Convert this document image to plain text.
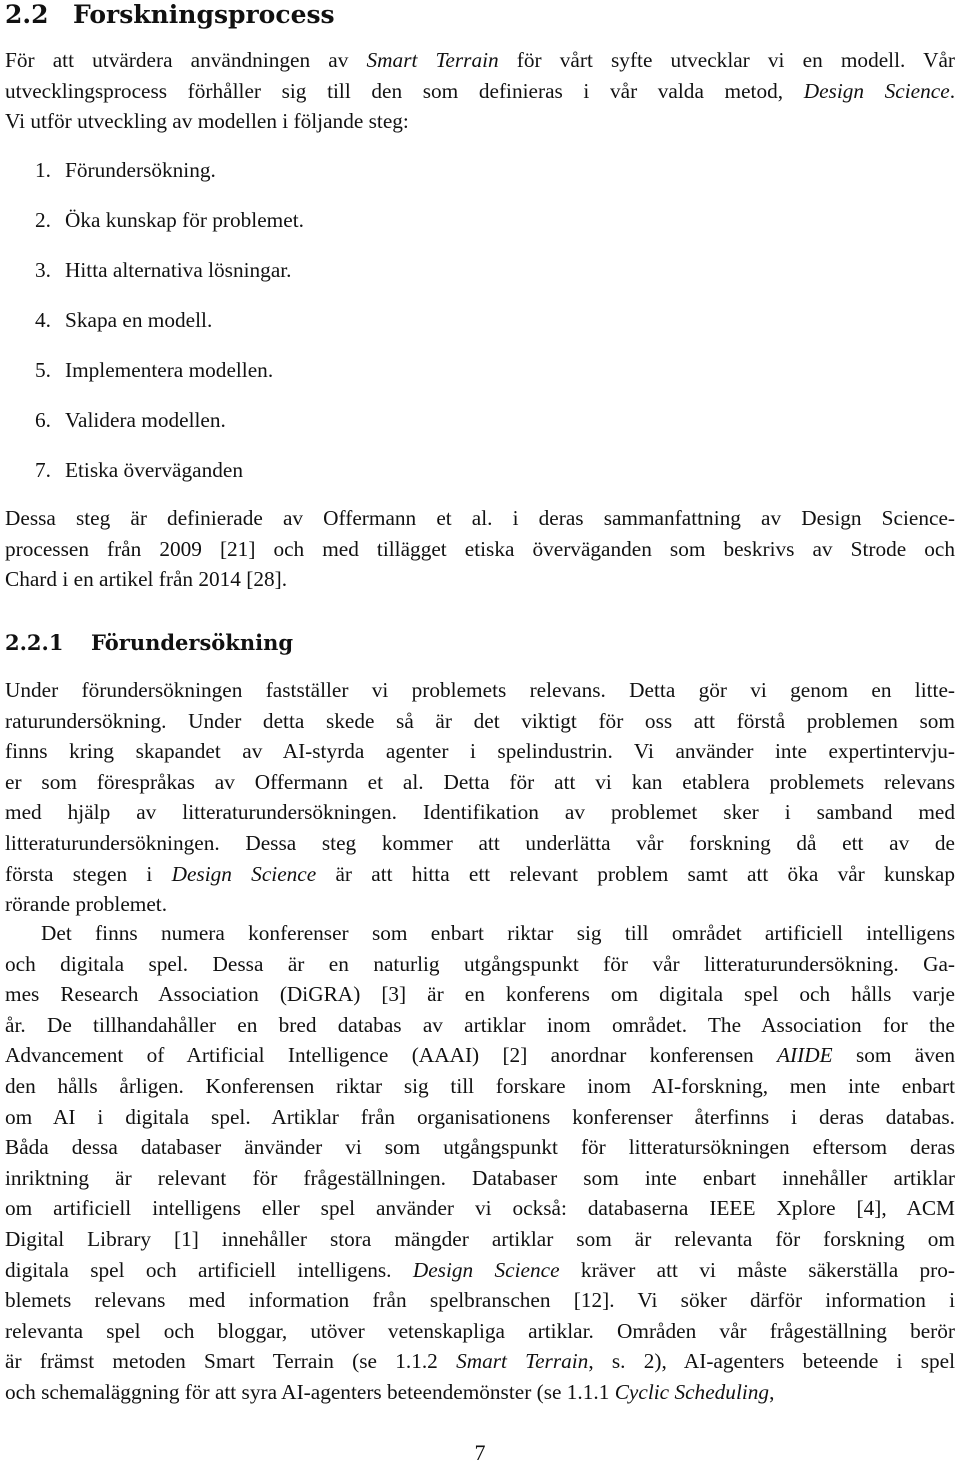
2.2 Forskningsprocess
För att utvärdera användningen av Smart Terrain för vårt syfte utvecklar vi en modell. Vår
utvecklingsprocess förhåller sig till den som definieras i vår valda metod, Design Science.
Vi utför utveckling av modellen i följande steg:
1. Förundersökning.
2. Öka kunskap för problemet.
3. Hitta alternativa lösningar.
4. Skapa en modell.
5. Implementera modellen.
6. Validera modellen.
7. Etiska överväganden
Dessa steg är definierade av Offermann et al. i deras sammanfattning av Design Science-
processen från 2009 [21] och med tillägget etiska överväganden som beskrivs av Strode och
Chard i en artikel från 2014 [28].
2.2.1 Förundersökning
Under förundersökningen fastställer vi problemets relevans. Detta gör vi genom en litte-
raturundersökning. Under detta skede så är det viktigt för oss att förstå problemen som
finns kring skapandet av AI-styrda agenter i spelindustrin. Vi använder inte expertintervju-
er som förespråkas av Offermann et al. Detta för att vi kan etablera problemets relevans
med hjälp av litteraturundersökningen. Identifikation av problemet sker i samband med
litteraturundersökningen. Dessa steg kommer att underlätta vår forskning då ett av de
första stegen i Design Science är att hitta ett relevant problem samt att öka vår kunskap
rörande problemet.
Det finns numera konferenser som enbart riktar sig till området artificiell intelligens
och digitala spel. Dessa är en naturlig utgångspunkt för vår litteraturundersökning. Ga-
mes Research Association (DiGRA) [3] är en konferens om digitala spel och hålls varje
år. De tillhandahåller en bred databas av artiklar inom området. The Association for the
Advancement of Artificial Intelligence (AAAI) [2] anordnar konferensen AIIDE som även
den hålls årligen. Konferensen riktar sig till forskare inom AI-forskning, men inte enbart
om AI i digitala spel. Artiklar från organisationens konferenser återfinns i deras databas.
Båda dessa databaser änvänder vi som utgångspunkt för litteratursökningen eftersom deras
inriktning är relevant för frågeställningen. Databaser som inte enbart innehåller artiklar
om artificiell intelligens eller spel använder vi också: databaserna IEEE Xplore [4], ACM
Digital Library [1] innehåller stora mängder artiklar som är relevanta för forskning om
digitala spel och artificiell intelligens. Design Science kräver att vi måste säkerställa pro-
blemets relevans med information från spelbranschen [12]. Vi söker därför information i
relevanta spel och bloggar, utöver vetenskapliga artiklar. Områden vår frågeställning berör
är främst metoden Smart Terrain (se 1.1.2 Smart Terrain, s. 2), AI-agenters beteende i spel
och schemaläggning för att syra AI-agenters beteendemönster (se 1.1.1 Cyclic Scheduling,
7
